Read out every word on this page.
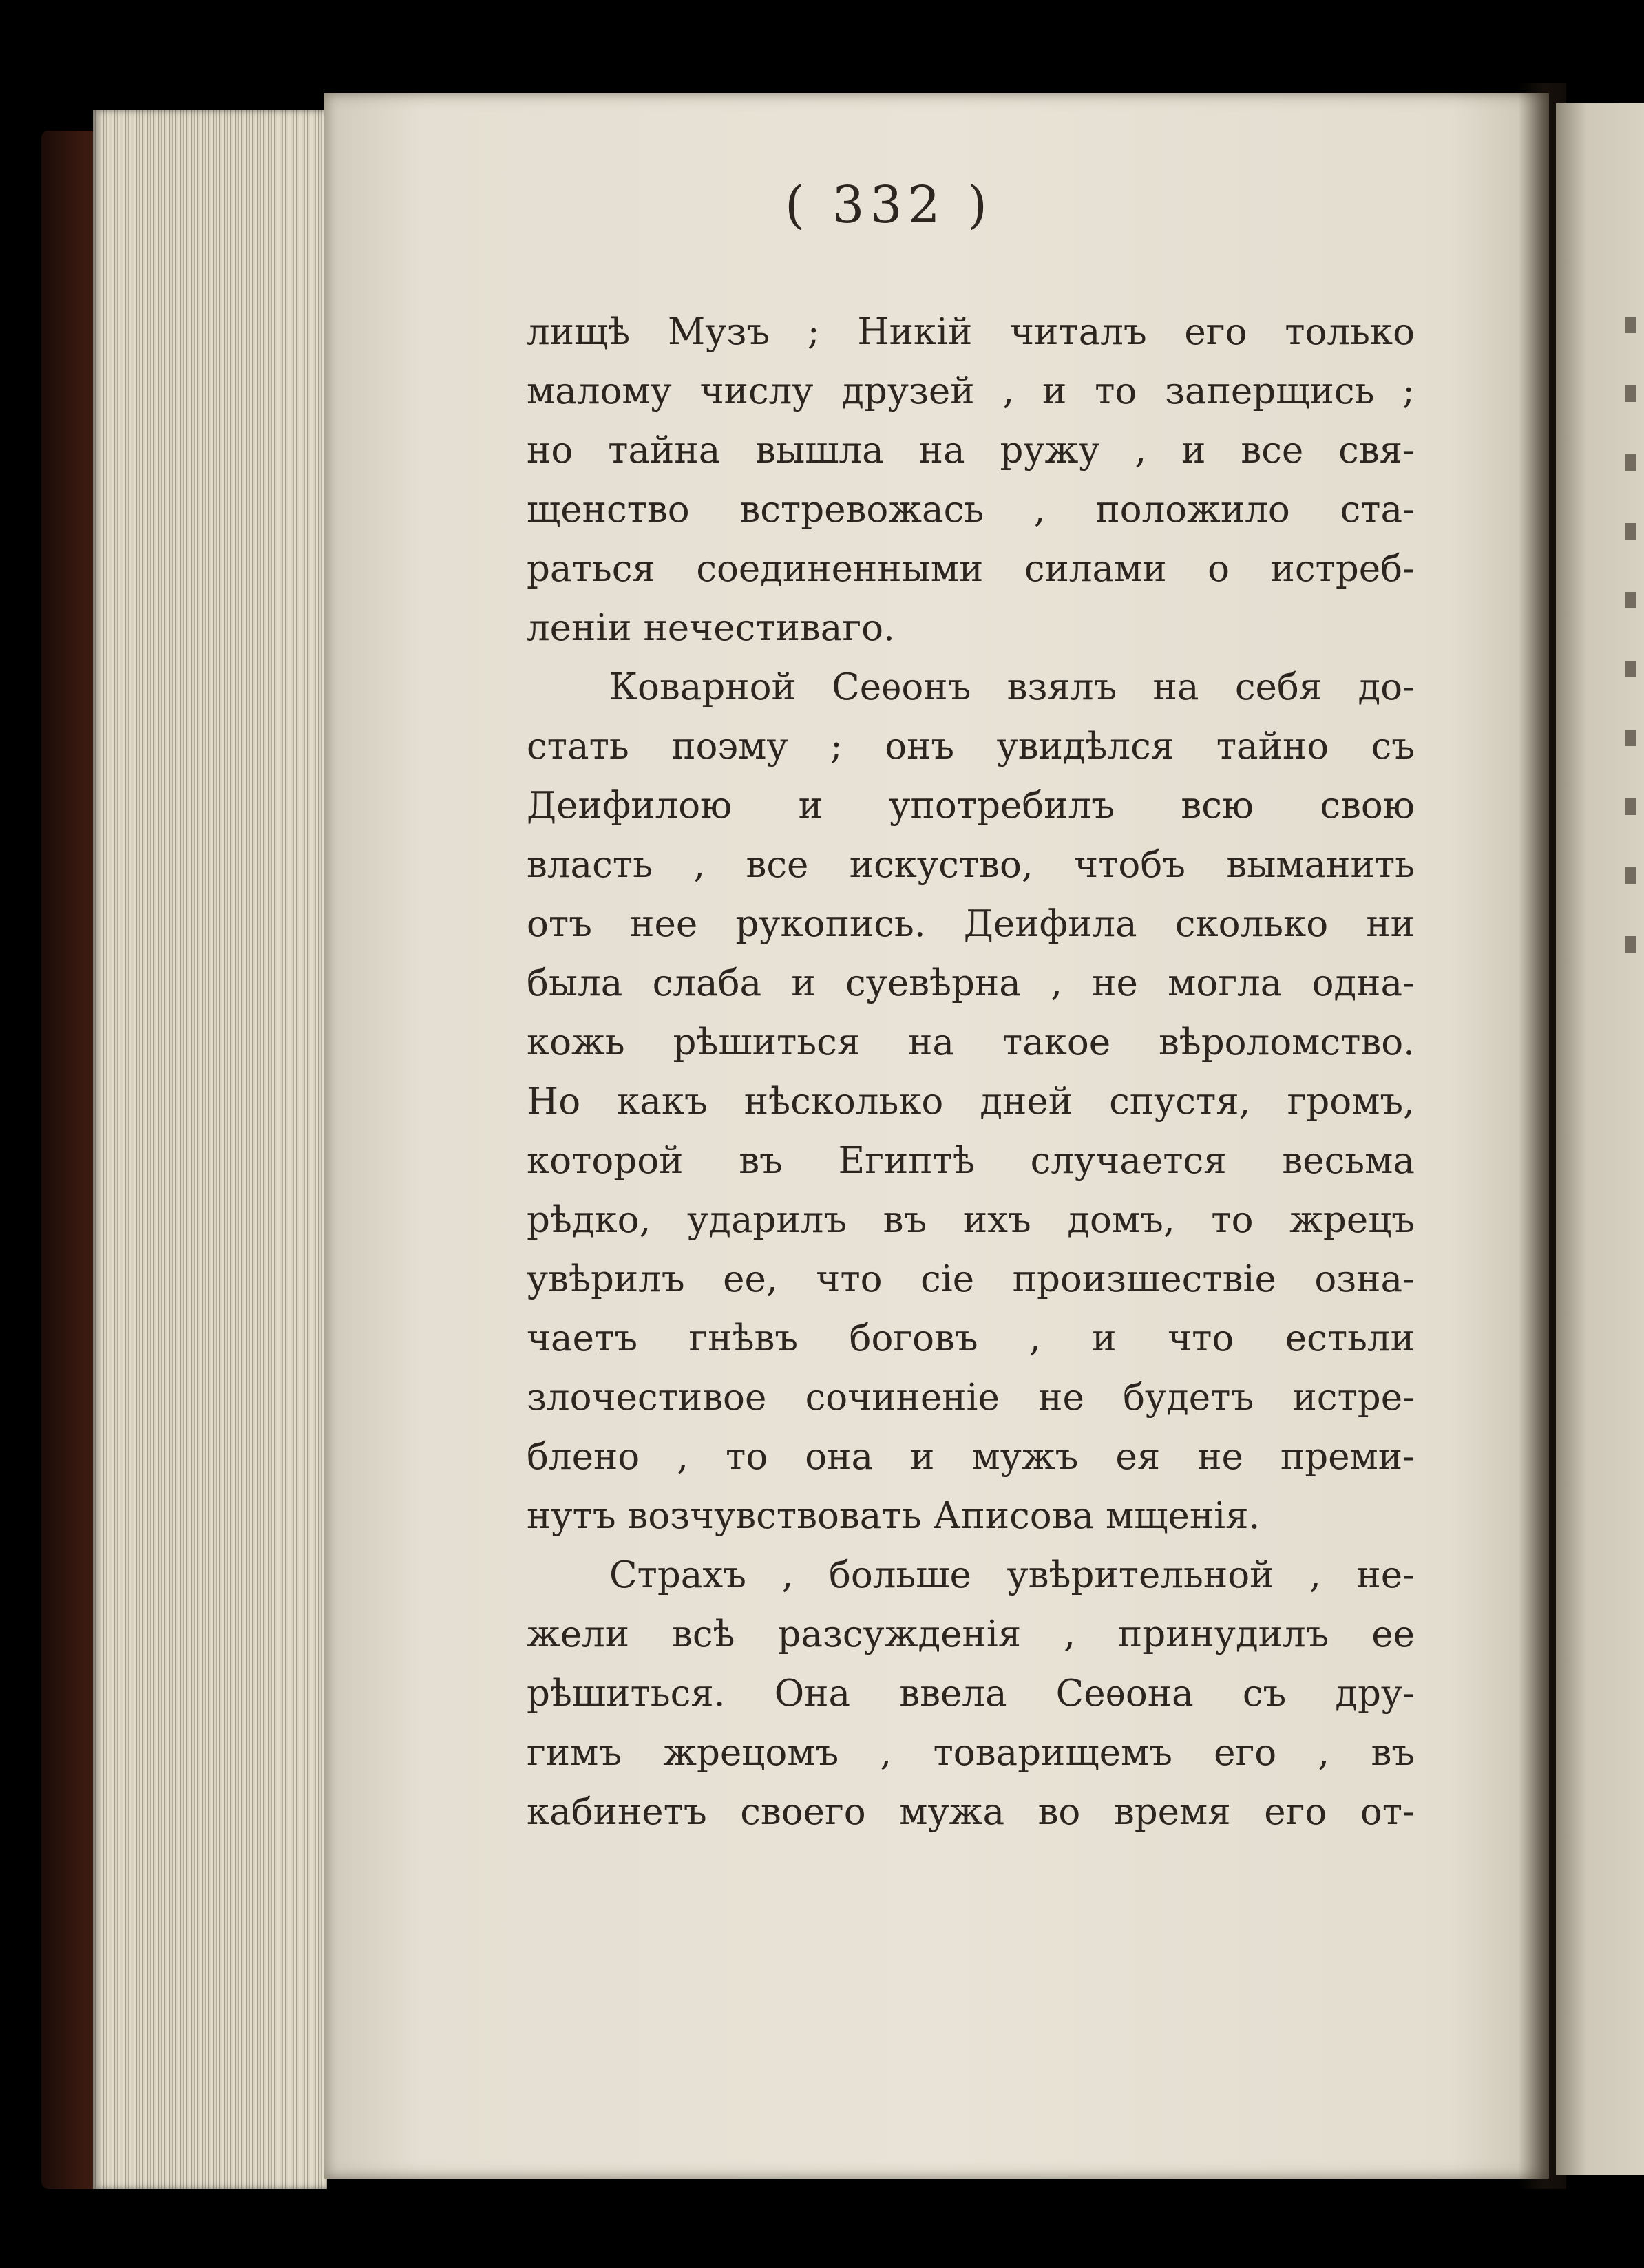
( 332 )
лищѣ Музъ ; Никій читалъ его только
малому числу друзей , и то заперщись ;
но тайна вышла на ружу , и все свя-
щенство встревожась , положило ста-
раться соединенными силами о истреб-
леніи нечестиваго.
Коварной Сеѳонъ взялъ на себя до-
стать поэму ; онъ увидѣлся тайно съ
Деифилою и употребилъ всю свою
власть , все искуство, чтобъ выманить
отъ нее рукопись. Деифила сколько ни
была слаба и суевѣрна , не могла одна-
кожь рѣшиться на такое вѣроломство.
Но какъ нѣсколько дней спустя, громъ,
которой въ Египтѣ случается весьма
рѣдко, ударилъ въ ихъ домъ, то жрецъ
увѣрилъ ее, что сіе произшествіе озна-
чаетъ гнѣвъ боговъ , и что естьли
злочестивое сочиненіе не будетъ истре-
блено , то она и мужъ ея не преми-
нутъ возчувствовать Аписова мщенія.
Страхъ , больше увѣрительной , не-
жели всѣ разсужденія , принудилъ ее
рѣшиться. Она ввела Сеѳона съ дру-
гимъ жрецомъ , товарищемъ его , въ
кабинетъ своего мужа во время его от-
